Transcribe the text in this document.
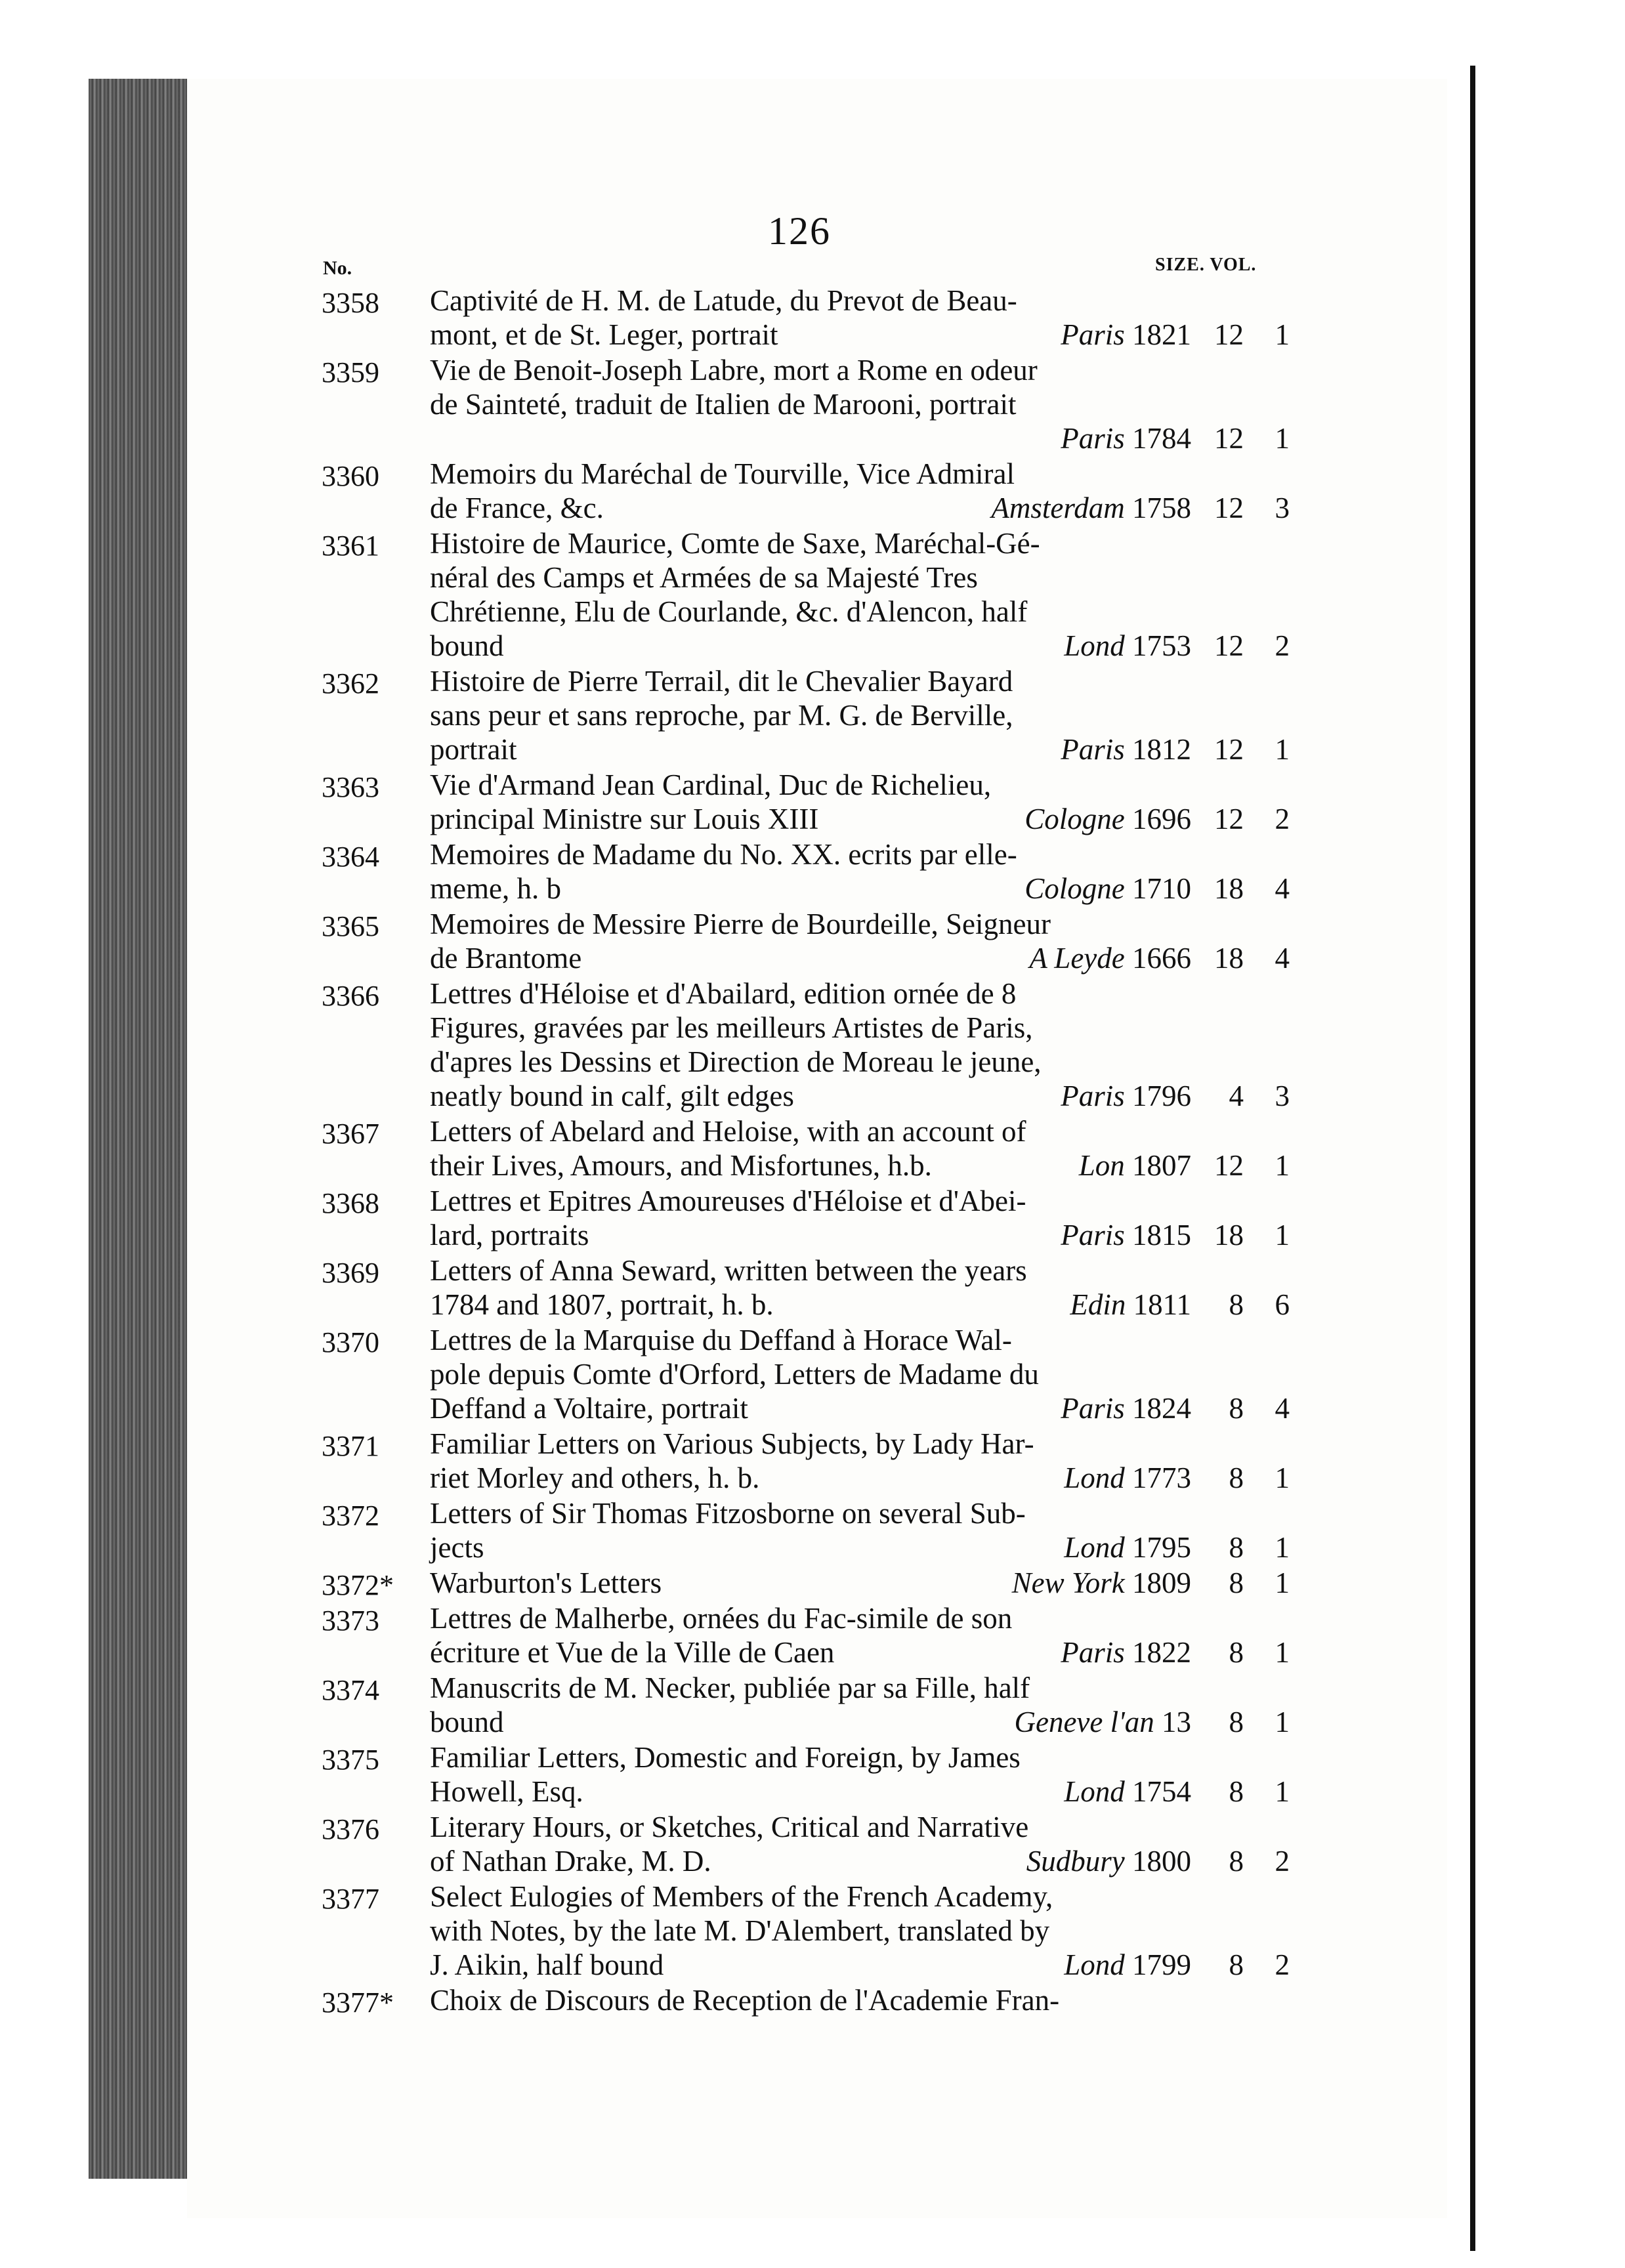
126
No.	SIZE. VOL.
3358 Captivité de H. M. de Latude, du Prevot de Beau-
mont, et de St. Leger, portrait	Paris 1821 12	1
3359 Vie de Benoit-Joseph Labre, mort a Rome en odeur
de Sainteté, traduit de Italien de Marooni, portrait
Paris 1784 12	1
3360 Memoirs du Maréchal de Tourville, Vice Admiral
de France, &c.	Amsterdam 1758 12	3
3361 Histoire de Maurice, Comte de Saxe, Maréchal-Gé-
néral des Camps et Armées de sa Majesté Tres
Chrétienne, Elu de Courlande, &c. d'Alencon, half
bound	Lond 1753 12	2
3362 Histoire de Pierre Terrail, dit le Chevalier Bayard
sans peur et sans reproche, par M. G. de Berville,
portrait	Paris 1812 12	1
3363 Vie d'Armand Jean Cardinal, Duc de Richelieu,
principal Ministre sur Louis XIII	Cologne 1696 12	2
3364 Memoires de Madame du No. XX. ecrits par elle-
meme, h. b	Cologne 1710 18	4
3365 Memoires de Messire Pierre de Bourdeille, Seigneur
de Brantome	A Leyde 1666 18	4
3366 Lettres d'Héloise et d'Abailard, edition ornée de 8
Figures, gravées par les meilleurs Artistes de Paris,
d'apres les Dessins et Direction de Moreau le jeune,
neatly bound in calf, gilt edges	Paris 1796	4	3
3367 Letters of Abelard and Heloise, with an account of
their Lives, Amours, and Misfortunes, h.b.	Lon 1807 12	1
3368 Lettres et Epitres Amoureuses d'Héloise et d'Abei-
lard, portraits	Paris 1815 18	1
3369 Letters of Anna Seward, written between the years
1784 and 1807, portrait, h. b.	Edin 1811	8	6
3370 Lettres de la Marquise du Deffand à Horace Wal-
pole depuis Comte d'Orford, Letters de Madame du
Deffand a Voltaire, portrait	Paris 1824	8	4
3371 Familiar Letters on Various Subjects, by Lady Har-
riet Morley and others, h. b.	Lond 1773	8	1
3372 Letters of Sir Thomas Fitzosborne on several Sub-
jects	Lond 1795	8	1
3372* Warburton's Letters	New York 1809	8	1
3373 Lettres de Malherbe, ornées du Fac-simile de son
écriture et Vue de la Ville de Caen	Paris 1822	8	1
3374 Manuscrits de M. Necker, publiée par sa Fille, half
bound	Geneve l'an 13	8	1
3375 Familiar Letters, Domestic and Foreign, by James
Howell, Esq.	Lond 1754	8	1
3376 Literary Hours, or Sketches, Critical and Narrative
of Nathan Drake, M. D.	Sudbury 1800	8	2
3377 Select Eulogies of Members of the French Academy,
with Notes, by the late M. D'Alembert, translated by
J. Aikin, half bound	Lond 1799	8	2
3377* Choix de Discours de Reception de l'Academie Fran-
